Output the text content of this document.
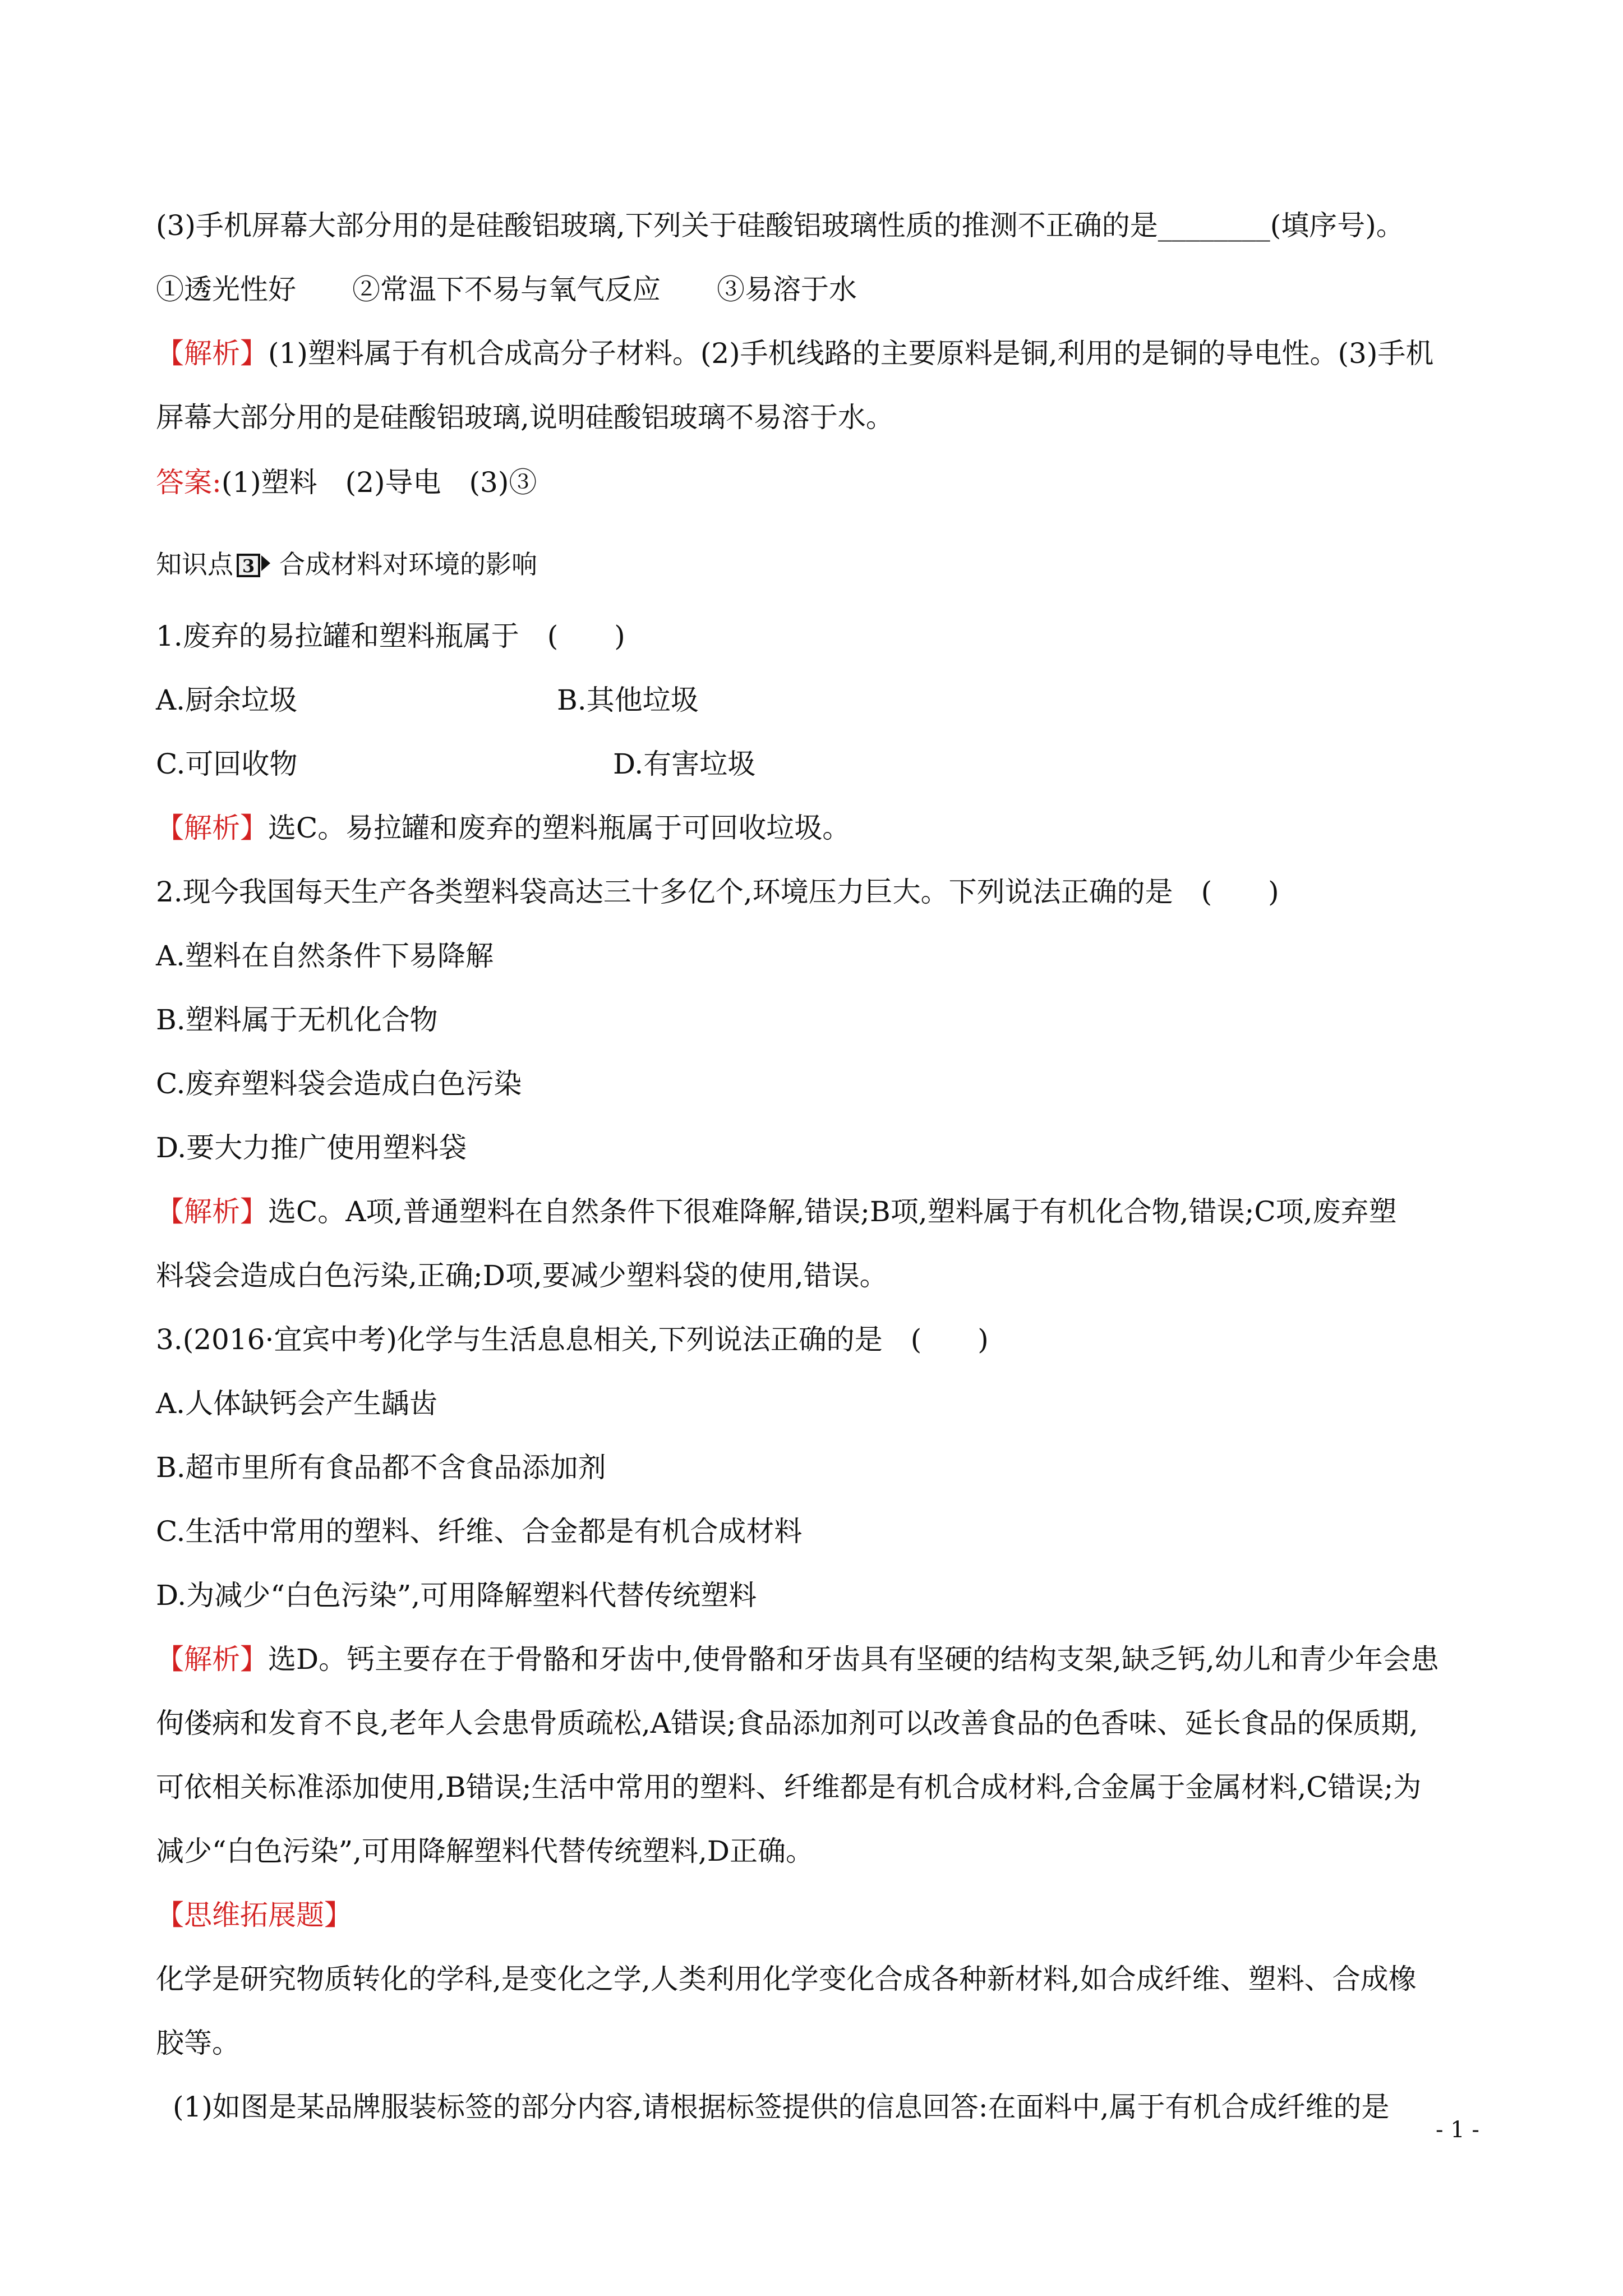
(3)手机屏幕大部分用的是硅酸铝玻璃,下列关于硅酸铝玻璃性质的推测不正确的是________(填序号)。
①透光性好　　②常温下不易与氧气反应　　③易溶于水
【解析】(1)塑料属于有机合成高分子材料。(2)手机线路的主要原料是铜,利用的是铜的导电性。(3)手机
屏幕大部分用的是硅酸铝玻璃,说明硅酸铝玻璃不易溶于水。
答案:(1)塑料　(2)导电　(3)③
知识点 3 合成材料对环境的影响
1.废弃的易拉罐和塑料瓶属于　(　　)
A.厨余垃圾	B.其他垃圾
C.可回收物	D.有害垃圾
【解析】选C。易拉罐和废弃的塑料瓶属于可回收垃圾。
2.现今我国每天生产各类塑料袋高达三十多亿个,环境压力巨大。下列说法正确的是　(　　)
A.塑料在自然条件下易降解
B.塑料属于无机化合物
C.废弃塑料袋会造成白色污染
D.要大力推广使用塑料袋
【解析】选C。A项,普通塑料在自然条件下很难降解,错误;B项,塑料属于有机化合物,错误;C项,废弃塑
料袋会造成白色污染,正确;D项,要减少塑料袋的使用,错误。
3.(2016·宜宾中考)化学与生活息息相关,下列说法正确的是　(　　)
A.人体缺钙会产生龋齿
B.超市里所有食品都不含食品添加剂
C.生活中常用的塑料、纤维、合金都是有机合成材料
D.为减少“白色污染”,可用降解塑料代替传统塑料
【解析】选D。钙主要存在于骨骼和牙齿中,使骨骼和牙齿具有坚硬的结构支架,缺乏钙,幼儿和青少年会患
佝偻病和发育不良,老年人会患骨质疏松,A错误;食品添加剂可以改善食品的色香味、延长食品的保质期,
可依相关标准添加使用,B错误;生活中常用的塑料、纤维都是有机合成材料,合金属于金属材料,C错误;为
减少“白色污染”,可用降解塑料代替传统塑料,D正确。
【思维拓展题】
化学是研究物质转化的学科,是变化之学,人类利用化学变化合成各种新材料,如合成纤维、塑料、合成橡
胶等。
(1)如图是某品牌服装标签的部分内容,请根据标签提供的信息回答:在面料中,属于有机合成纤维的是
- 1 -
